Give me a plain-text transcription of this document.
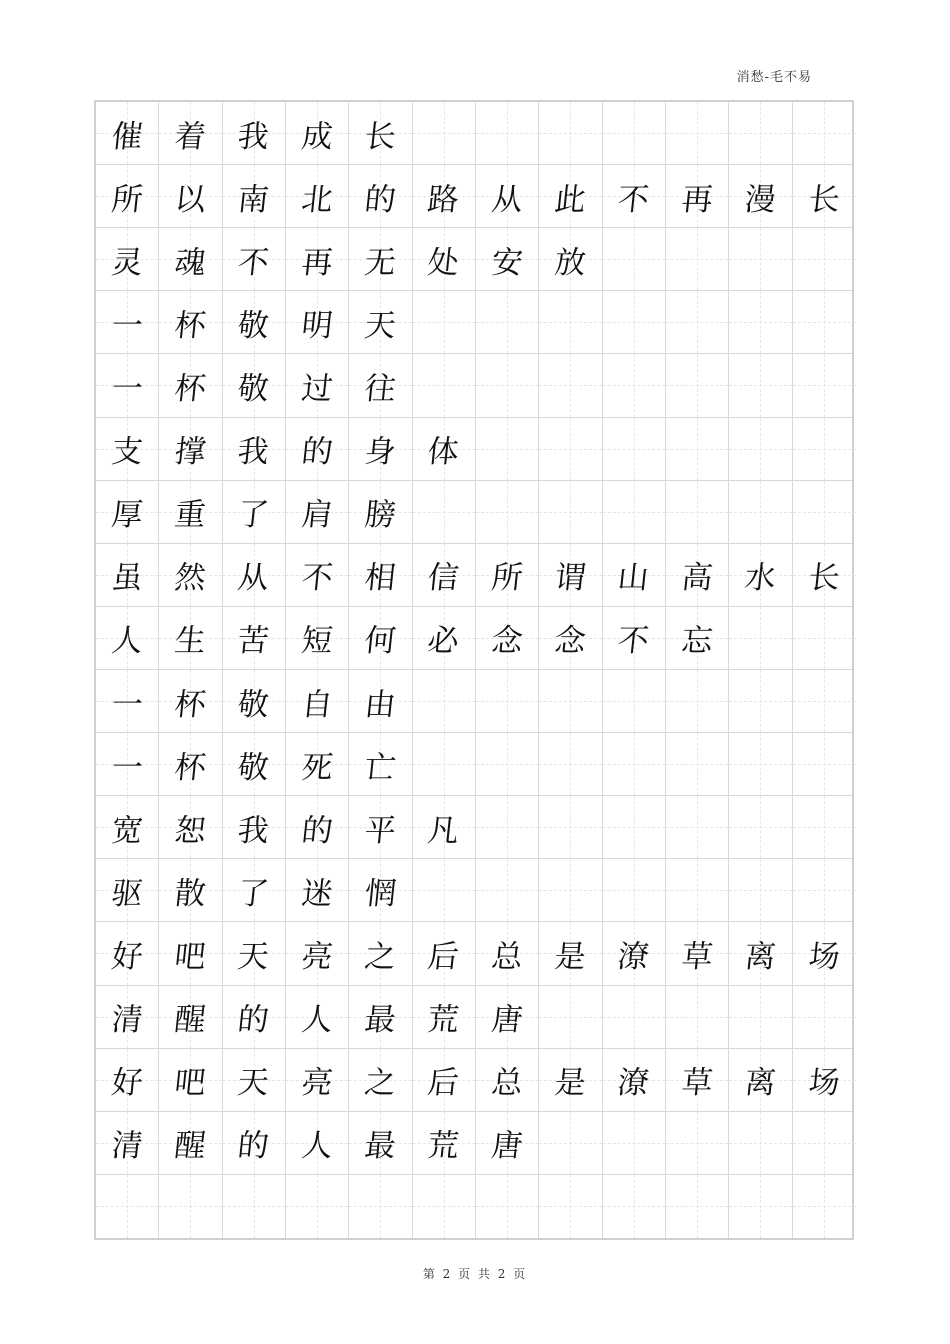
消愁-毛不易
催 着 我 成 长
所 以 南 北 的 路 从 此 不 再 漫 长
灵 魂 不 再 无 处 安 放
一 杯 敬 明 天
一 杯 敬 过 往
支 撑 我 的 身 体
厚 重 了 肩 膀
虽 然 从 不 相 信 所 谓 山 高 水 长
人 生 苦 短 何 必 念 念 不 忘
一 杯 敬 自 由
一 杯 敬 死 亡
宽 恕 我 的 平 凡
驱 散 了 迷 惘
好 吧 天 亮 之 后 总 是 潦 草 离 场
清 醒 的 人 最 荒 唐
好 吧 天 亮 之 后 总 是 潦 草 离 场
清 醒 的 人 最 荒 唐
第 2 页 共 2 页
